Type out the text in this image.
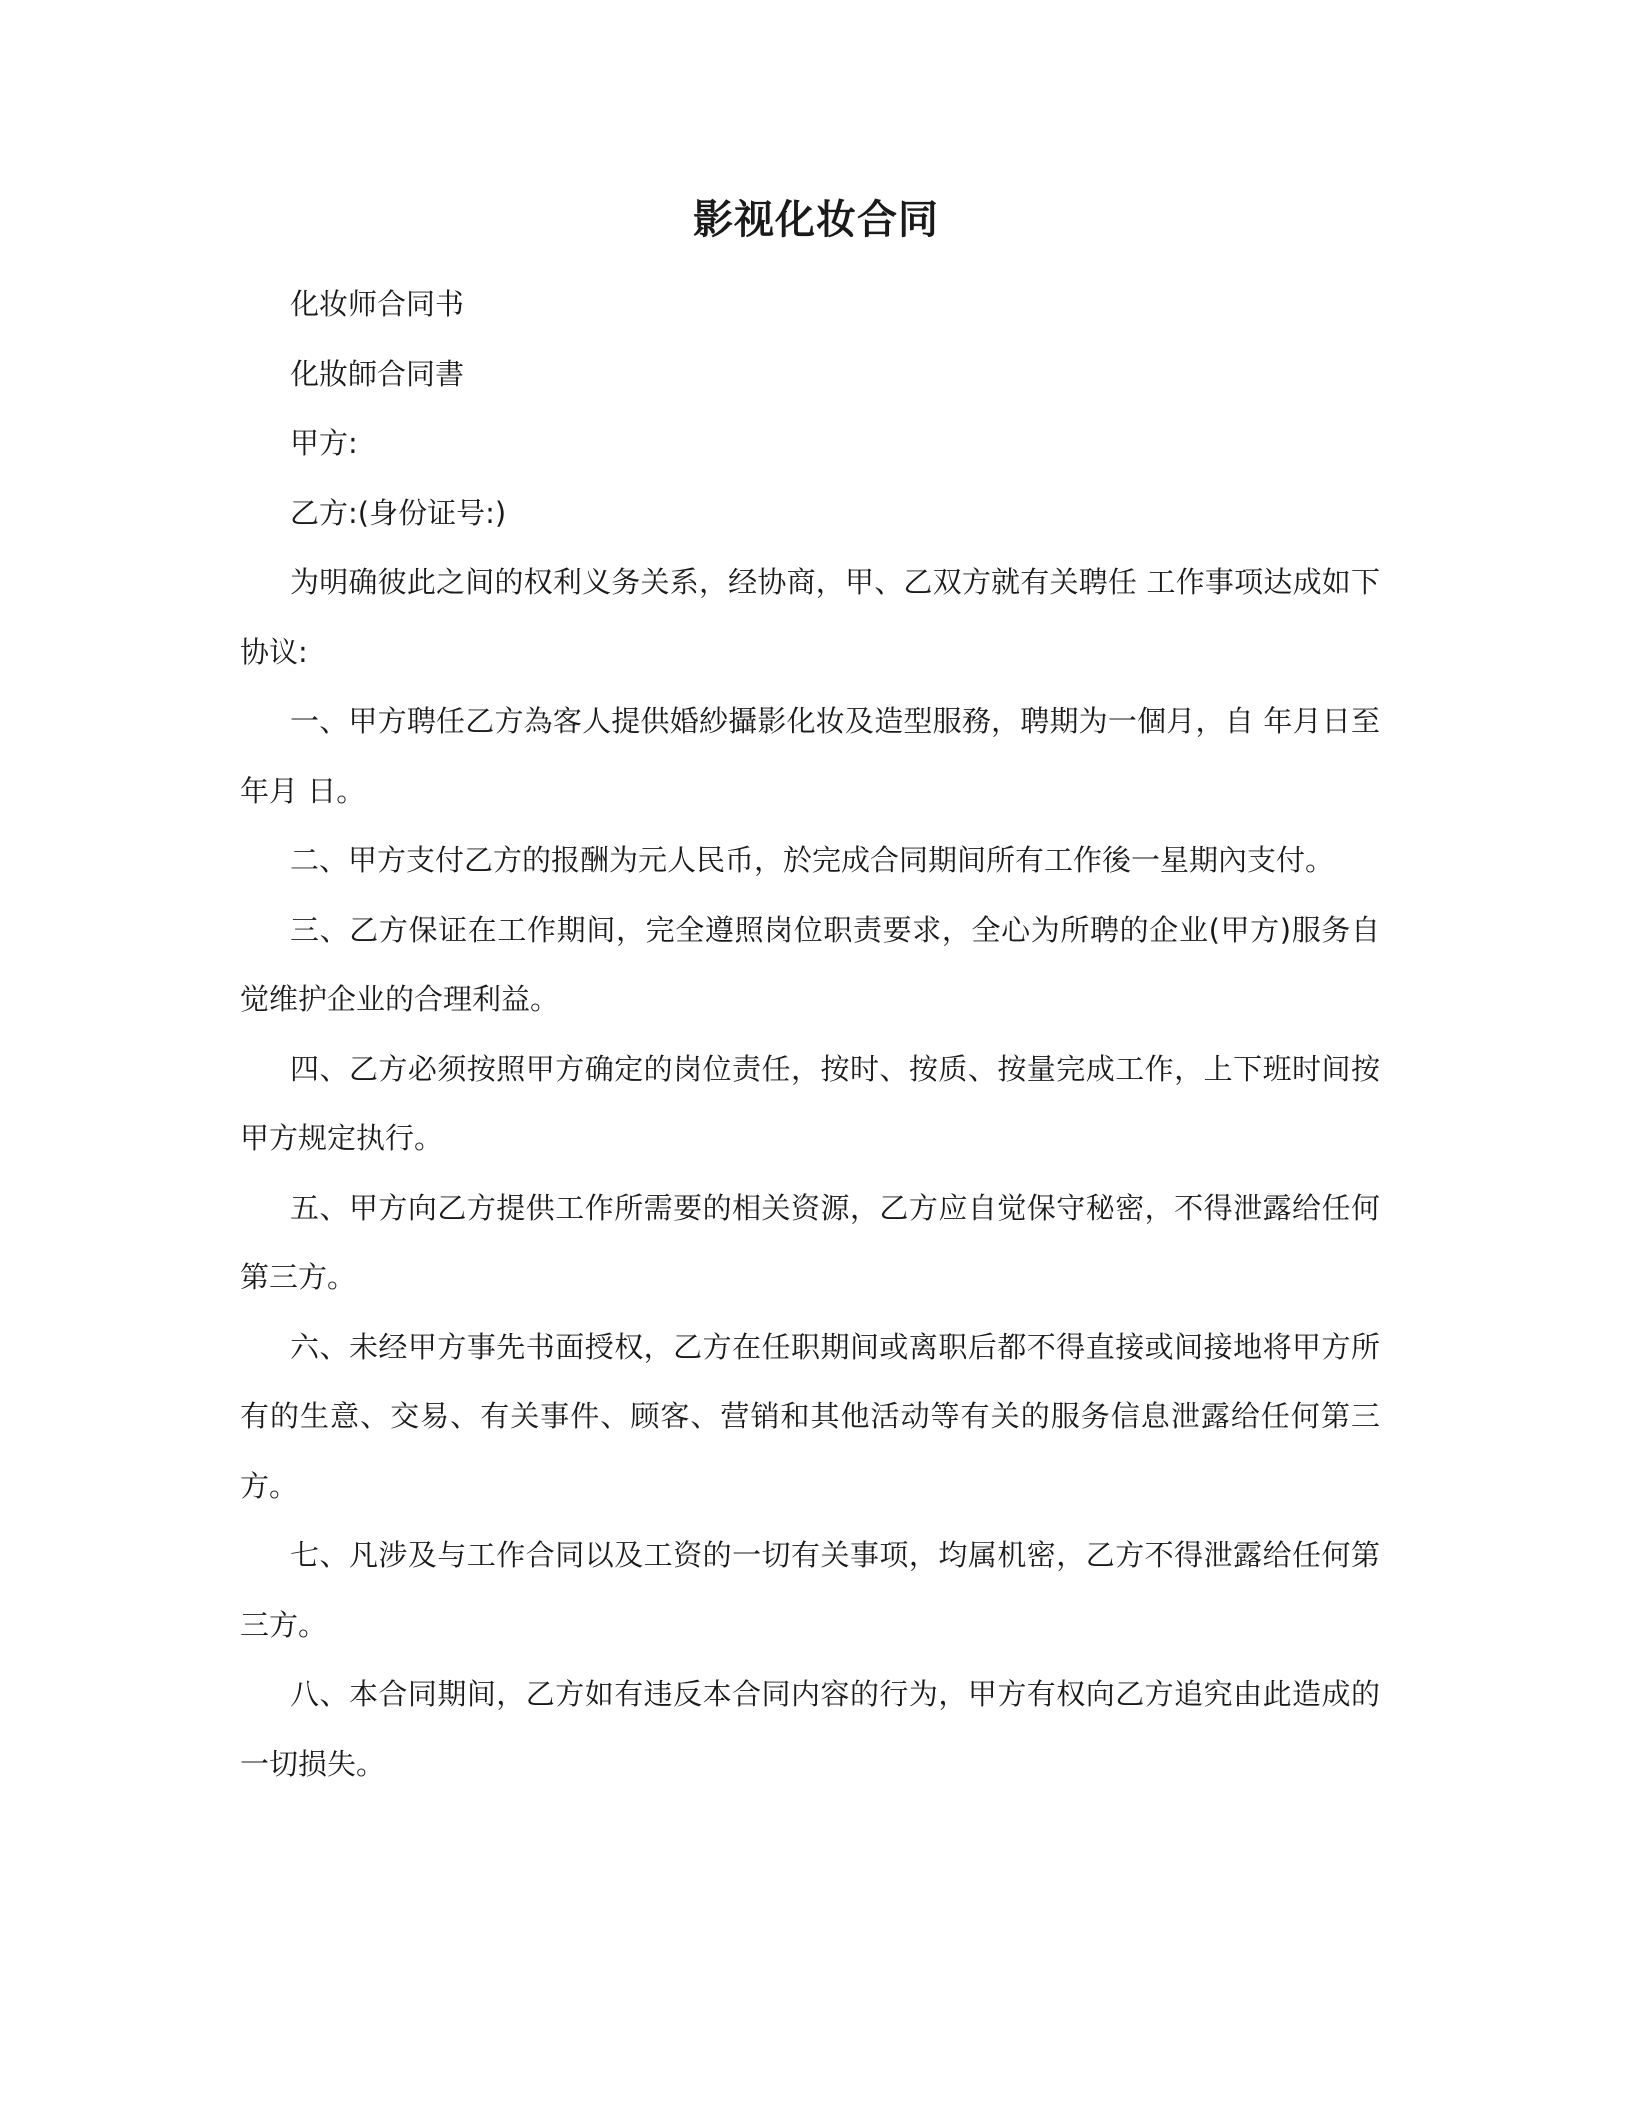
影视化妆合同

化妆师合同书

化妝師合同書

甲方:

乙方:(身份证号:)

为明确彼此之间的权利义务关系，经协商，甲、乙双方就有关聘任 工作事项达成如下协议:

一、甲方聘任乙方為客人提供婚紗攝影化妆及造型服務，聘期为一個月，自 年月日至 年月 日。

二、甲方支付乙方的报酬为元人民币，於完成合同期间所有工作後一星期內支付。

三、乙方保证在工作期间，完全遵照岗位职责要求，全心为所聘的企业(甲方)服务自觉维护企业的合理利益。

四、乙方必须按照甲方确定的岗位责任，按时、按质、按量完成工作，上下班时间按甲方规定执行。

五、甲方向乙方提供工作所需要的相关资源，乙方应自觉保守秘密，不得泄露给任何第三方。

六、未经甲方事先书面授权，乙方在任职期间或离职后都不得直接或间接地将甲方所有的生意、交易、有关事件、顾客、营销和其他活动等有关的服务信息泄露给任何第三方。

七、凡涉及与工作合同以及工资的一切有关事项，均属机密，乙方不得泄露给任何第三方。

八、本合同期间，乙方如有违反本合同内容的行为，甲方有权向乙方追究由此造成的一切损失。
